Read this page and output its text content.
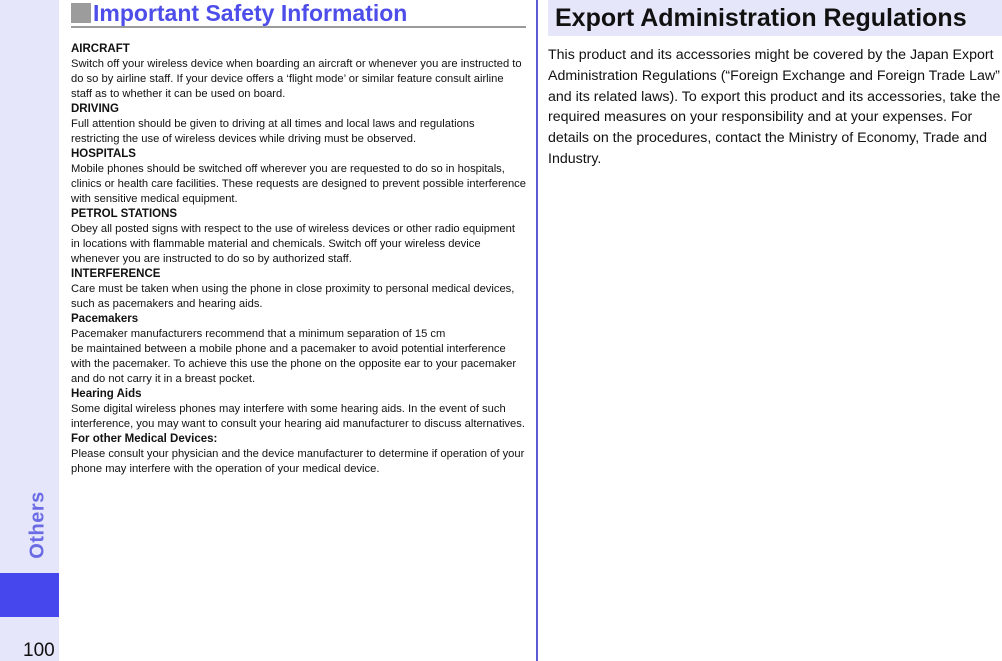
Others
100
Important Safety Information
AIRCRAFT
Switch off your wireless device when boarding an aircraft or whenever you are instructed to do so by airline staff. If your device offers a ‘flight mode’ or similar feature consult airline staff as to whether it can be used on board.
DRIVING
Full attention should be given to driving at all times and local laws and regulations restricting the use of wireless devices while driving must be observed.
HOSPITALS
Mobile phones should be switched off wherever you are requested to do so in hospitals, clinics or health care facilities. These requests are designed to prevent possible interference with sensitive medical equipment.
PETROL STATIONS
Obey all posted signs with respect to the use of wireless devices or other radio equipment in locations with flammable material and chemicals. Switch off your wireless device whenever you are instructed to do so by authorized staff.
INTERFERENCE
Care must be taken when using the phone in close proximity to personal medical devices, such as pacemakers and hearing aids.
Pacemakers
Pacemaker manufacturers recommend that a minimum separation of 15 cm
be maintained between a mobile phone and a pacemaker to avoid potential interference with the pacemaker. To achieve this use the phone on the opposite ear to your pacemaker and do not carry it in a breast pocket.
Hearing Aids
Some digital wireless phones may interfere with some hearing aids. In the event of such interference, you may want to consult your hearing aid manufacturer to discuss alternatives.
For other Medical Devices:
Please consult your physician and the device manufacturer to determine if operation of your phone may interfere with the operation of your medical device.
Export Administration Regulations

This product and its accessories might be covered by the Japan Export Administration Regulations (“Foreign Exchange and Foreign Trade Law” and its related laws). To export this product and its accessories, take the required measures on your responsibility and at your expenses. For details on the procedures, contact the Ministry of Economy, Trade and Industry.
